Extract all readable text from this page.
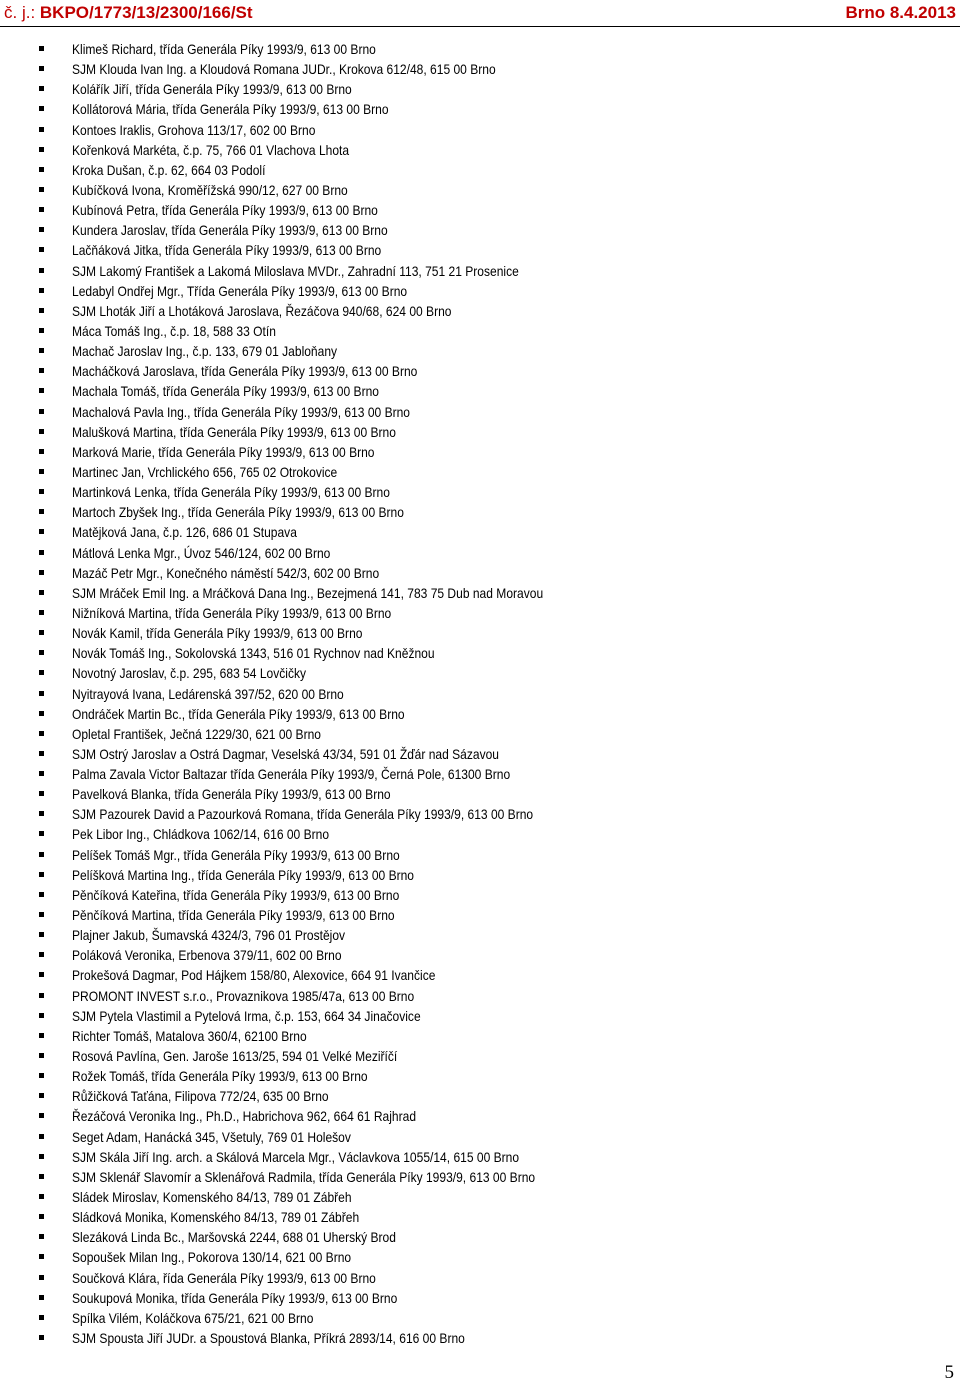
č. j.: BKPO/1773/13/2300/166/St	Brno 8.4.2013
Klimeš Richard, třída Generála Píky 1993/9, 613 00 Brno
SJM Klouda Ivan Ing. a Kloudová Romana JUDr., Krokova 612/48, 615 00 Brno
Kolářík Jiří, třída Generála Píky 1993/9, 613 00 Brno
Kollátorová Mária, třída Generála Píky 1993/9, 613 00 Brno
Kontoes Iraklis, Grohova 113/17, 602 00 Brno
Kořenková Markéta, č.p. 75, 766 01 Vlachova Lhota
Kroka Dušan, č.p. 62, 664 03 Podolí
Kubíčková Ivona, Kroměřížská 990/12, 627 00 Brno
Kubínová Petra, třída Generála Píky 1993/9, 613 00 Brno
Kundera Jaroslav, třída Generála Píky 1993/9, 613 00 Brno
Lačňáková Jitka, třída Generála Píky 1993/9, 613 00 Brno
SJM Lakomý František a Lakomá Miloslava MVDr., Zahradní 113, 751 21 Prosenice
Ledabyl Ondřej Mgr., Třída Generála Píky 1993/9, 613 00 Brno
SJM Lhoták Jiří a Lhotáková Jaroslava, Řezáčova 940/68, 624 00 Brno
Máca Tomáš Ing., č.p. 18, 588 33 Otín
Machač Jaroslav Ing., č.p. 133, 679 01 Jabloňany
Macháčková Jaroslava, třída Generála Píky 1993/9, 613 00 Brno
Machala Tomáš, třída Generála Píky 1993/9, 613 00 Brno
Machalová Pavla Ing., třída Generála Píky 1993/9, 613 00 Brno
Malušková Martina, třída Generála Píky 1993/9, 613 00 Brno
Marková Marie, třída Generála Píky 1993/9, 613 00 Brno
Martinec Jan, Vrchlického 656, 765 02 Otrokovice
Martinková Lenka, třída Generála Píky 1993/9, 613 00 Brno
Martoch Zbyšek Ing., třída Generála Píky 1993/9, 613 00 Brno
Matějková Jana, č.p. 126, 686 01 Stupava
Mátlová Lenka Mgr., Úvoz 546/124, 602 00 Brno
Mazáč Petr Mgr., Konečného náměstí 542/3, 602 00 Brno
SJM Mráček Emil Ing. a Mráčková Dana Ing., Bezejmená 141, 783 75 Dub nad Moravou
Nižníková Martina, třída Generála Píky 1993/9, 613 00 Brno
Novák Kamil, třída Generála Píky 1993/9, 613 00 Brno
Novák Tomáš Ing., Sokolovská 1343, 516 01 Rychnov nad Kněžnou
Novotný Jaroslav, č.p. 295, 683 54 Lovčičky
Nyitrayová Ivana, Ledárenská 397/52, 620 00 Brno
Ondráček Martin Bc., třída Generála Píky 1993/9, 613 00 Brno
Opletal František, Ječná 1229/30, 621 00 Brno
SJM Ostrý Jaroslav a Ostrá Dagmar, Veselská 43/34, 591 01 Žďár nad Sázavou
Palma Zavala Victor Baltazar třída Generála Píky 1993/9, Černá Pole, 61300 Brno
Pavelková Blanka, třída Generála Píky 1993/9, 613 00 Brno
SJM Pazourek David a Pazourková Romana, třída Generála Píky 1993/9, 613 00 Brno
Pek Libor Ing., Chládkova 1062/14, 616 00 Brno
Pelíšek Tomáš Mgr., třída Generála Píky 1993/9, 613 00 Brno
Pelíšková Martina Ing., třída Generála Píky 1993/9, 613 00 Brno
Pěnčíková Kateřina, třída Generála Píky 1993/9, 613 00 Brno
Pěnčíková Martina, třída Generála Píky 1993/9, 613 00 Brno
Plajner Jakub, Šumavská 4324/3, 796 01 Prostějov
Poláková Veronika, Erbenova 379/11, 602 00 Brno
Prokešová Dagmar, Pod Hájkem 158/80, Alexovice, 664 91 Ivančice
PROMONT INVEST s.r.o., Provaznikova 1985/47a, 613 00 Brno
SJM Pytela Vlastimil a Pytelová Irma, č.p. 153, 664 34 Jinačovice
Richter Tomáš, Matalova 360/4, 62100 Brno
Rosová Pavlína, Gen. Jaroše 1613/25, 594 01 Velké Meziříčí
Rožek Tomáš, třída Generála Píky 1993/9, 613 00 Brno
Růžičková Taťána, Filipova 772/24, 635 00 Brno
Řezáčová Veronika Ing., Ph.D., Habrichova 962, 664 61 Rajhrad
Seget Adam, Hanácká 345, Všetuly, 769 01 Holešov
SJM Skála Jiří Ing. arch. a Skálová Marcela Mgr., Václavkova 1055/14, 615 00 Brno
SJM Sklenář Slavomír a Sklenářová Radmila, třída Generála Píky 1993/9, 613 00 Brno
Sládek Miroslav, Komenského 84/13, 789 01 Zábřeh
Sládková Monika, Komenského 84/13, 789 01 Zábřeh
Slezáková Linda Bc., Maršovská 2244, 688 01 Uherský Brod
Sopoušek Milan Ing., Pokorova 130/14, 621 00 Brno
Součková Klára, řída Generála Píky 1993/9, 613 00 Brno
Soukupová Monika, třída Generála Píky 1993/9, 613 00 Brno
Spílka Vilém, Koláčkova 675/21, 621 00 Brno
SJM Spousta Jiří JUDr. a Spoustová Blanka, Příkrá 2893/14, 616 00 Brno
5
